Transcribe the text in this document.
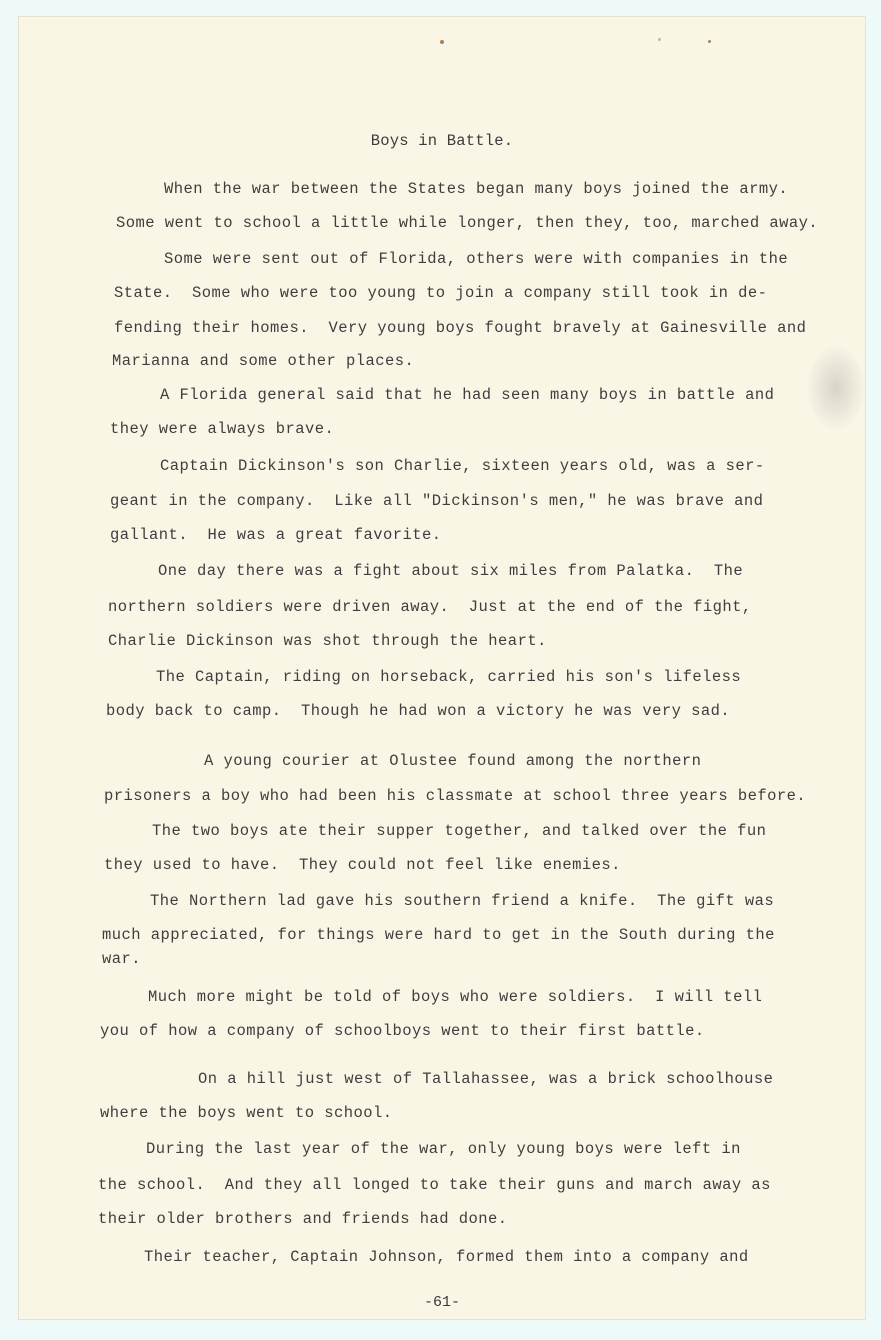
Boys in Battle.
When the war between the States began many boys joined the army.
Some went to school a little while longer, then they, too, marched away.
Some were sent out of Florida, others were with companies in the
State.  Some who were too young to join a company still took in de-
fending their homes.  Very young boys fought bravely at Gainesville and
Marianna and some other places.
A Florida general said that he had seen many boys in battle and
they were always brave.
Captain Dickinson's son Charlie, sixteen years old, was a ser-
geant in the company.  Like all "Dickinson's men," he was brave and
gallant.  He was a great favorite.
One day there was a fight about six miles from Palatka.  The
northern soldiers were driven away.  Just at the end of the fight,
Charlie Dickinson was shot through the heart.
The Captain, riding on horseback, carried his son's lifeless
body back to camp.  Though he had won a victory he was very sad.
A young courier at Olustee found among the northern
prisoners a boy who had been his classmate at school three years before.
The two boys ate their supper together, and talked over the fun
they used to have.  They could not feel like enemies.
The Northern lad gave his southern friend a knife.  The gift was
much appreciated, for things were hard to get in the South during the
war.
Much more might be told of boys who were soldiers.  I will tell
you of how a company of schoolboys went to their first battle.
On a hill just west of Tallahassee, was a brick schoolhouse
where the boys went to school.
During the last year of the war, only young boys were left in
the school.  And they all longed to take their guns and march away as
their older brothers and friends had done.
Their teacher, Captain Johnson, formed them into a company and
-61-
